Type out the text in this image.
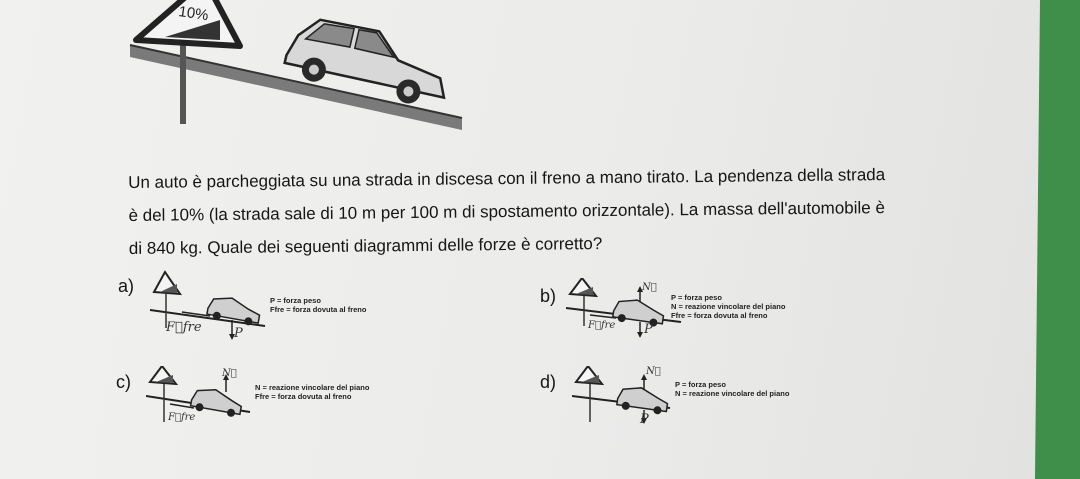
10%
Un auto è parcheggiata su una strada in discesa con il freno a mano tirato. La pendenza della strada è del 10% (la strada sale di 10 m per 100 m di spostamento orizzontale). La massa dell'automobile è di 840 kg. Quale dei seguenti diagrammi delle forze è corretto?
a)
F⃗fre P
P = forza peso
Ffre = forza dovuta al freno
b)	N⃗
F⃗fre P
P = forza peso
N = reazione vincolare del piano
Ffre = forza dovuta al freno
c)	N⃗
F⃗fre
N = reazione vincolare del piano
Ffre = forza dovuta al freno
d)
N⃗
P
P = forza peso
N = reazione vincolare del piano
